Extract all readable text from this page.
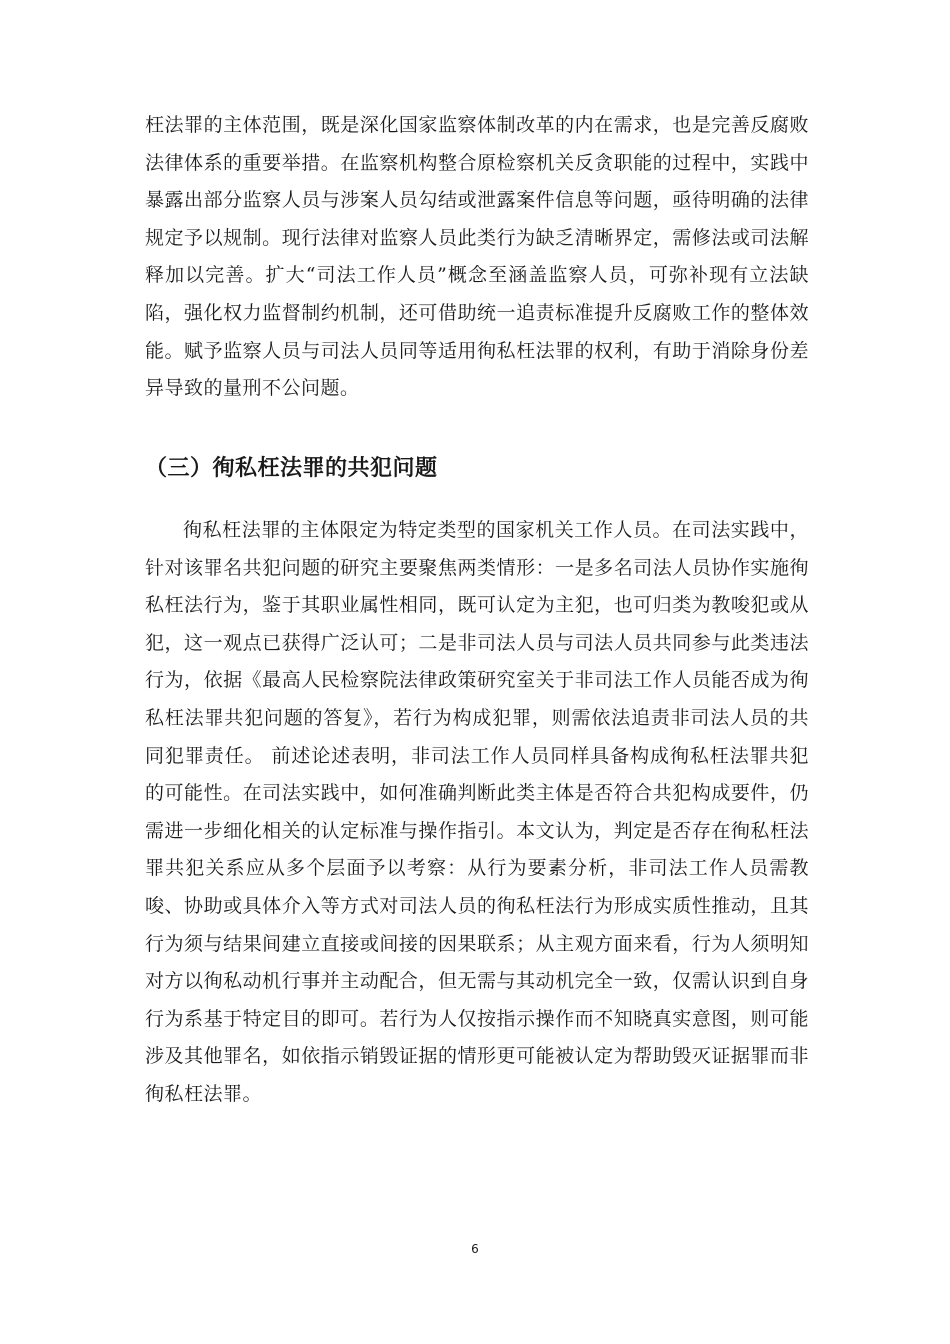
枉法罪的主体范围，既是深化国家监察体制改革的内在需求，也是完善反腐败法律体系的重要举措。在监察机构整合原检察机关反贪职能的过程中，实践中暴露出部分监察人员与涉案人员勾结或泄露案件信息等问题，亟待明确的法律规定予以规制。现行法律对监察人员此类行为缺乏清晰界定，需修法或司法解释加以完善。扩大“司法工作人员”概念至涵盖监察人员，可弥补现有立法缺陷，强化权力监督制约机制，还可借助统一追责标准提升反腐败工作的整体效能。赋予监察人员与司法人员同等适用徇私枉法罪的权利，有助于消除身份差异导致的量刑不公问题。

（三）徇私枉法罪的共犯问题

徇私枉法罪的主体限定为特定类型的国家机关工作人员。在司法实践中，针对该罪名共犯问题的研究主要聚焦两类情形：一是多名司法人员协作实施徇私枉法行为，鉴于其职业属性相同，既可认定为主犯，也可归类为教唆犯或从犯，这一观点已获得广泛认可；二是非司法人员与司法人员共同参与此类违法行为，依据《最高人民检察院法律政策研究室关于非司法工作人员能否成为徇私枉法罪共犯问题的答复》，若行为构成犯罪，则需依法追责非司法人员的共同犯罪责任。 前述论述表明，非司法工作人员同样具备构成徇私枉法罪共犯的可能性。在司法实践中，如何准确判断此类主体是否符合共犯构成要件，仍需进一步细化相关的认定标准与操作指引。本文认为，判定是否存在徇私枉法罪共犯关系应从多个层面予以考察：从行为要素分析，非司法工作人员需教唆、协助或具体介入等方式对司法人员的徇私枉法行为形成实质性推动，且其行为须与结果间建立直接或间接的因果联系；从主观方面来看，行为人须明知对方以徇私动机行事并主动配合，但无需与其动机完全一致，仅需认识到自身行为系基于特定目的即可。若行为人仅按指示操作而不知晓真实意图，则可能涉及其他罪名，如依指示销毁证据的情形更可能被认定为帮助毁灭证据罪而非徇私枉法罪。

6
